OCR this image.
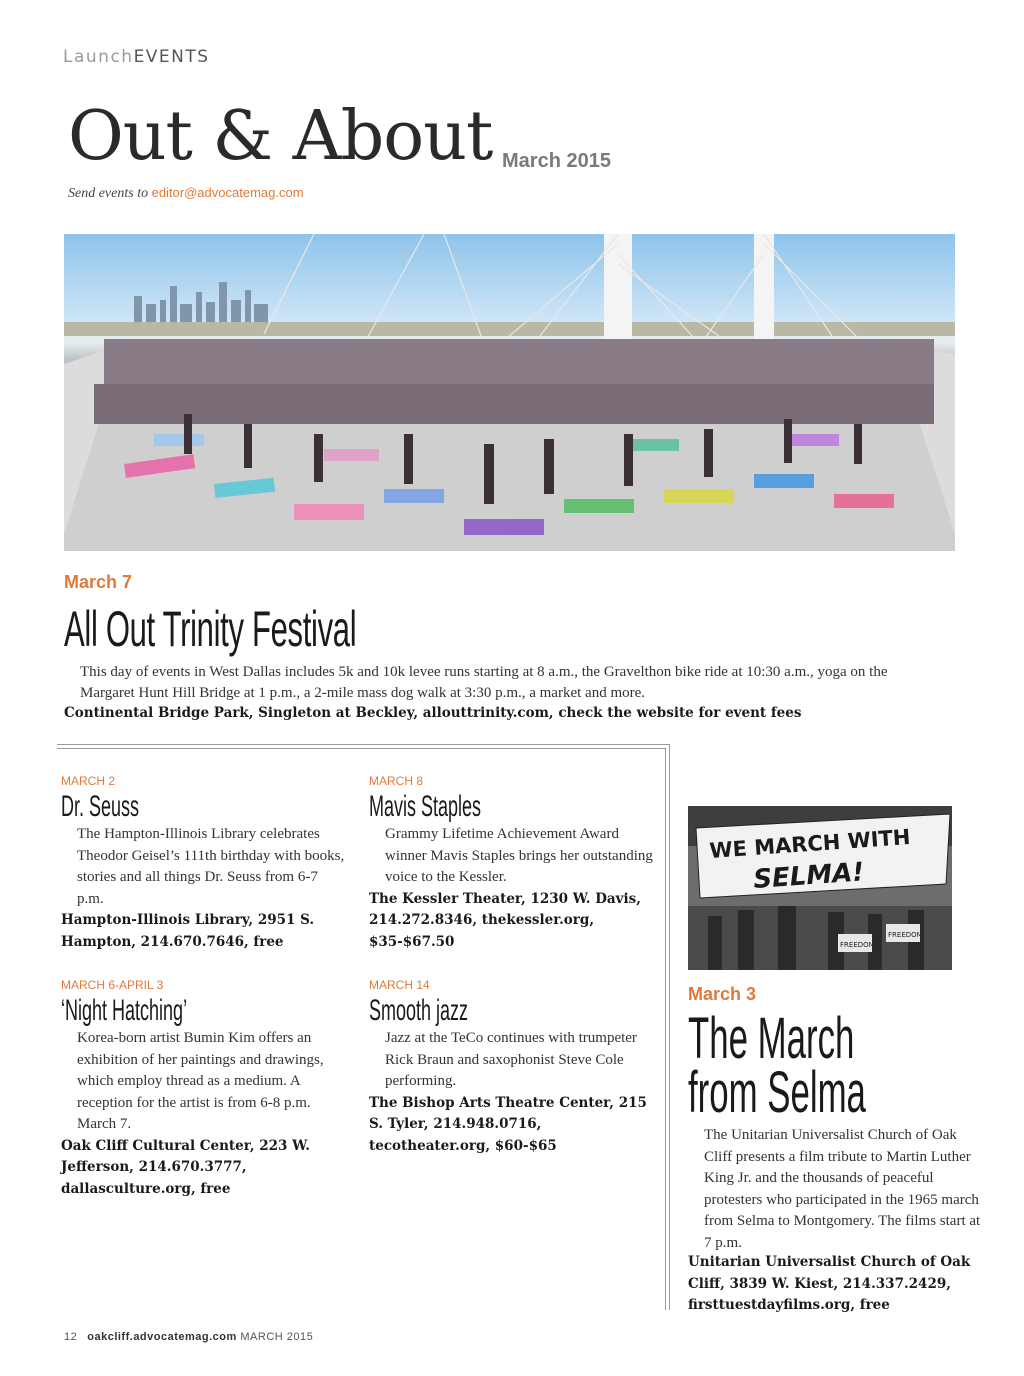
LaunchEVENTS
Out & About March 2015
Send events to editor@advocatemag.com
March 7
All Out Trinity Festival
This day of events in West Dallas includes 5k and 10k levee runs starting at 8 a.m., the Gravelthon bike ride at 10:30 a.m., yoga on the
Margaret Hunt Hill Bridge at 1 p.m., a 2-mile mass dog walk at 3:30 p.m., a market and more.
Continental Bridge Park, Singleton at Beckley, allouttrinity.com, check the website for event fees
MARCH 2
Dr. Seuss
The Hampton-Illinois Library celebrates Theodor Geisel’s 111th birthday with books, stories and all things Dr. Seuss from 6-7 p.m.
Hampton-Illinois Library, 2951 S. Hampton, 214.670.7646, free
MARCH 8
Mavis Staples
Grammy Lifetime Achievement Award winner Mavis Staples brings her outstanding voice to the Kessler.
The Kessler Theater, 1230 W. Davis, 214.272.8346, thekessler.org, $35-$67.50
MARCH 6-APRIL 3
‘Night Hatching’
Korea-born artist Bumin Kim offers an exhibition of her paintings and drawings, which employ thread as a medium. A reception for the artist is from 6-8 p.m. March 7.
Oak Cliff Cultural Center, 223 W. Jefferson, 214.670.3777, dallasculture.org, free
MARCH 14
Smooth jazz
Jazz at the TeCo continues with trumpeter Rick Braun and saxophonist Steve Cole performing.
The Bishop Arts Theatre Center, 215 S. Tyler, 214.948.0716, tecotheater.org, $60-$65
WE MARCH WITH
SELMA!
FREEDOM
FREEDOM
March 3
The March
from Selma
The Unitarian Universalist Church of Oak Cliff presents a film tribute to Martin Luther King Jr. and the thousands of peaceful protesters who participated in the 1965 march from Selma to Montgomery. The films start at 7 p.m.
Unitarian Universalist Church of Oak Cliff, 3839 W. Kiest, 214.337.2429, firsttuestdayfilms.org, free
12 oakcliff.advocatemag.com MARCH 2015
